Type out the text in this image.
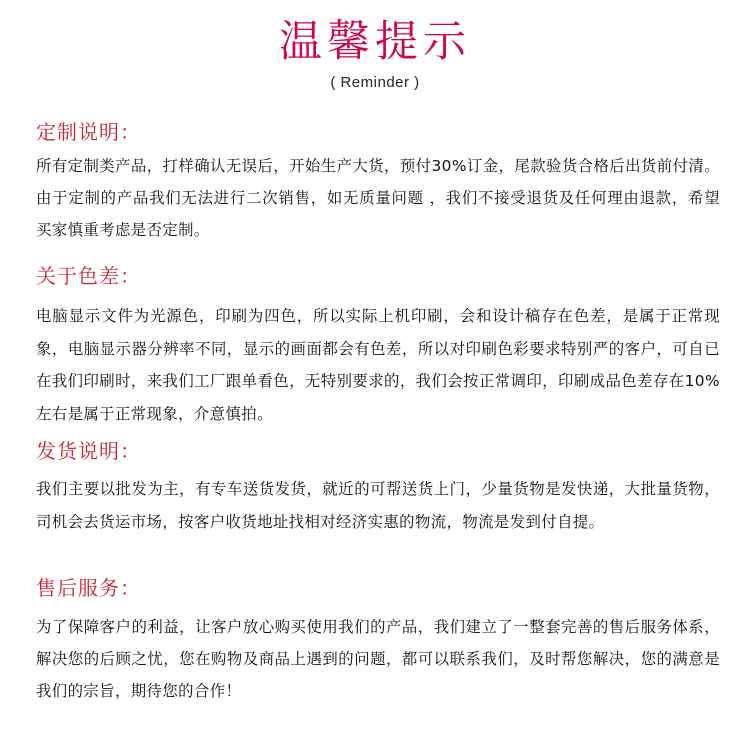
温馨提示
( Reminder )
定制说明：
所有定制类产品，打样确认无误后，开始生产大货，预付30%订金，尾款验货合格后出货前付清。由于定制的产品我们无法进行二次销售，如无质量问题 ，我们不接受退货及任何理由退款，希望买家慎重考虑是否定制。
关于色差：
电脑显示文件为光源色，印刷为四色，所以实际上机印刷，会和设计稿存在色差，是属于正常现象，电脑显示器分辨率不同，显示的画面都会有色差，所以对印刷色彩要求特别严的客户，可自已在我们印刷时，来我们工厂跟单看色，无特别要求的，我们会按正常调印，印刷成品色差存在10%左右是属于正常现象，介意慎拍。
发货说明：
我们主要以批发为主，有专车送货发货，就近的可帮送货上门，少量货物是发快递，大批量货物，司机会去货运市场，按客户收货地址找相对经济实惠的物流，物流是发到付自提。
售后服务：
为了保障客户的利益，让客户放心购买使用我们的产品，我们建立了一整套完善的售后服务体系，解决您的后顾之忧，您在购物及商品上遇到的问题，都可以联系我们，及时帮您解决，您的满意是我们的宗旨，期待您的合作！
